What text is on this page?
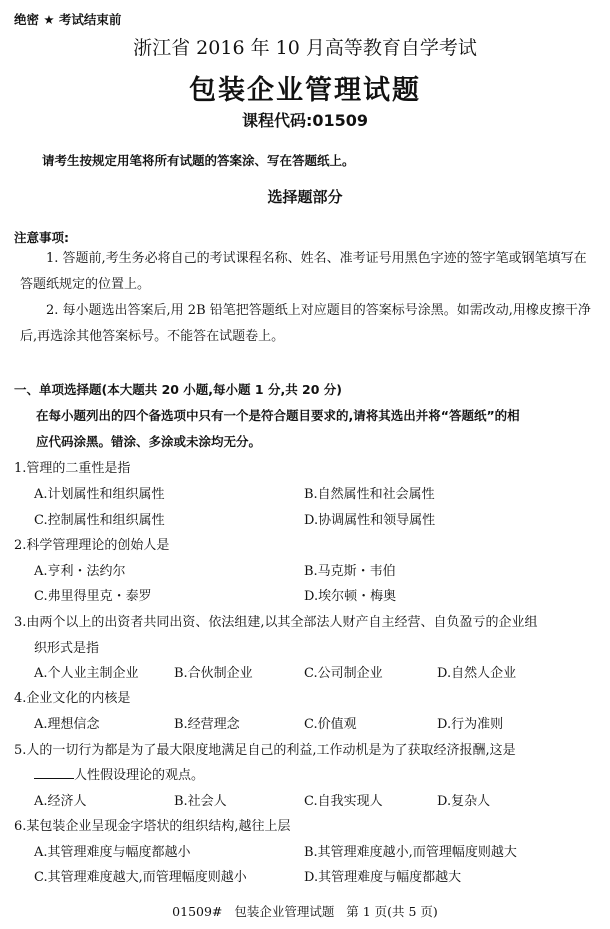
绝密 ★ 考试结束前
浙江省 2016 年 10 月高等教育自学考试
包装企业管理试题
课程代码:01509
请考生按规定用笔将所有试题的答案涂、写在答题纸上。
选择题部分
注意事项:
1. 答题前,考生务必将自己的考试课程名称、姓名、准考证号用黑色字迹的签字笔或钢笔填写在答题纸规定的位置上。
2. 每小题选出答案后,用 2B 铅笔把答题纸上对应题目的答案标号涂黑。如需改动,用橡皮擦干净后,再选涂其他答案标号。不能答在试题卷上。
一、单项选择题(本大题共 20 小题,每小题 1 分,共 20 分)
在每小题列出的四个备选项中只有一个是符合题目要求的,请将其选出并将“答题纸”的相
应代码涂黑。错涂、多涂或未涂均无分。
1.管理的二重性是指
A.计划属性和组织属性	B.自然属性和社会属性
C.控制属性和组织属性	D.协调属性和领导属性
2.科学管理理论的创始人是
A.亨利・法约尔	B.马克斯・韦伯
C.弗里得里克・泰罗	D.埃尔顿・梅奥
3.由两个以上的出资者共同出资、依法组建,以其全部法人财产自主经营、自负盈亏的企业组
织形式是指
A.个人业主制企业	B.合伙制企业	C.公司制企业	D.自然人企业
4.企业文化的内核是
A.理想信念	B.经营理念	C.价值观	D.行为准则
5.人的一切行为都是为了最大限度地满足自己的利益,工作动机是为了获取经济报酬,这是
人性假设理论的观点。
A.经济人	B.社会人	C.自我实现人	D.复杂人
6.某包装企业呈现金字塔状的组织结构,越往上层
A.其管理难度与幅度都越小	B.其管理难度越小,而管理幅度则越大
C.其管理难度越大,而管理幅度则越小	D.其管理难度与幅度都越大
01509#   包装企业管理试题   第 1 页(共 5 页)
